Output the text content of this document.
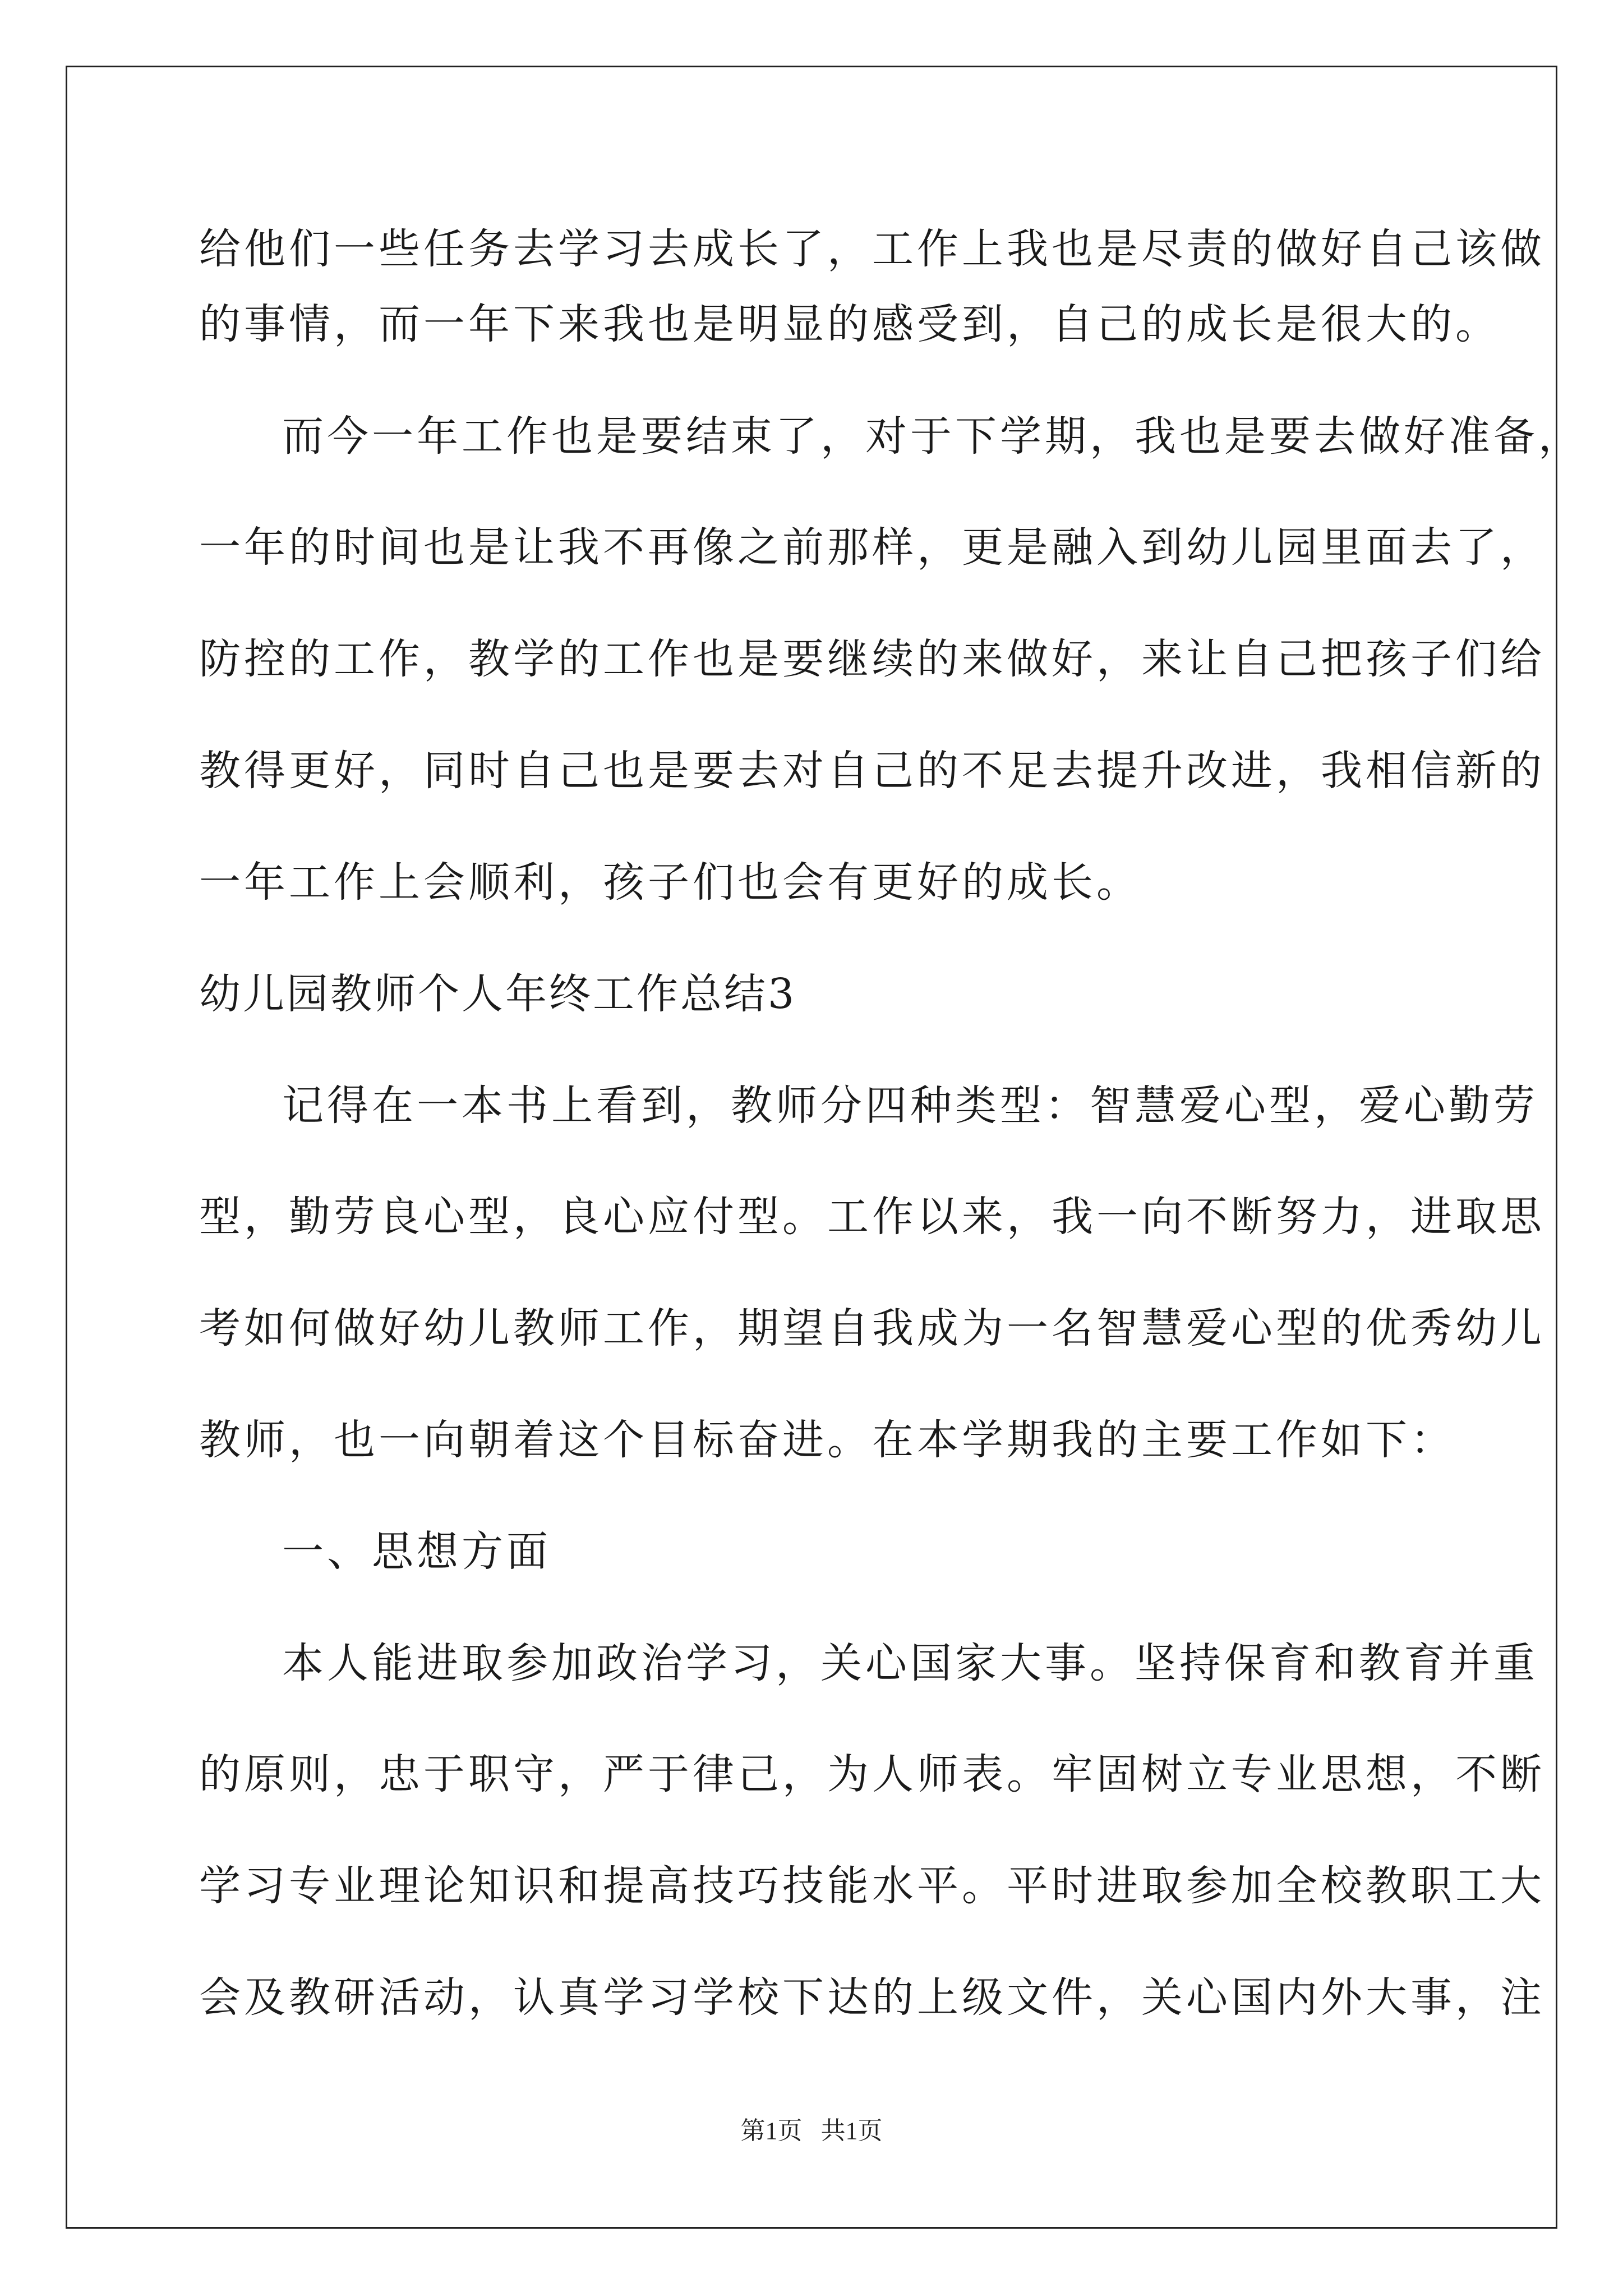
给他们一些任务去学习去成长了，工作上我也是尽责的做好自己该做
的事情，而一年下来我也是明显的感受到，自己的成长是很大的。
而今一年工作也是要结束了，对于下学期，我也是要去做好准备，
一年的时间也是让我不再像之前那样，更是融入到幼儿园里面去了，
防控的工作，教学的工作也是要继续的来做好，来让自己把孩子们给
教得更好，同时自己也是要去对自己的不足去提升改进，我相信新的
一年工作上会顺利，孩子们也会有更好的成长。
幼儿园教师个人年终工作总结3
记得在一本书上看到，教师分四种类型：智慧爱心型，爱心勤劳
型，勤劳良心型，良心应付型。工作以来，我一向不断努力，进取思
考如何做好幼儿教师工作，期望自我成为一名智慧爱心型的优秀幼儿
教师，也一向朝着这个目标奋进。在本学期我的主要工作如下：
一、思想方面
本人能进取参加政治学习，关心国家大事。坚持保育和教育并重
的原则，忠于职守，严于律己，为人师表。牢固树立专业思想，不断
学习专业理论知识和提高技巧技能水平。平时进取参加全校教职工大
会及教研活动，认真学习学校下达的上级文件，关心国内外大事，注
第1页   共1页
